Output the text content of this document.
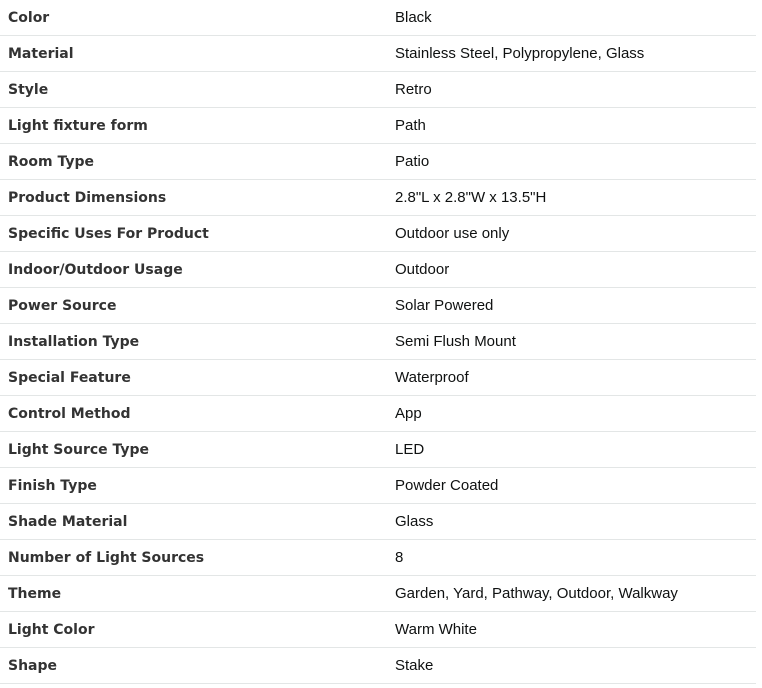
Color	Black
Material	Stainless Steel, Polypropylene, Glass
Style	Retro
Light fixture form	Path
Room Type	Patio
Product Dimensions	2.8"L x 2.8"W x 13.5"H
Specific Uses For Product	Outdoor use only
Indoor/Outdoor Usage	Outdoor
Power Source	Solar Powered
Installation Type	Semi Flush Mount
Special Feature	Waterproof
Control Method	App
Light Source Type	LED
Finish Type	Powder Coated
Shade Material	Glass
Number of Light Sources	8
Theme	Garden, Yard, Pathway, Outdoor, Walkway
Light Color	Warm White
Shape	Stake
